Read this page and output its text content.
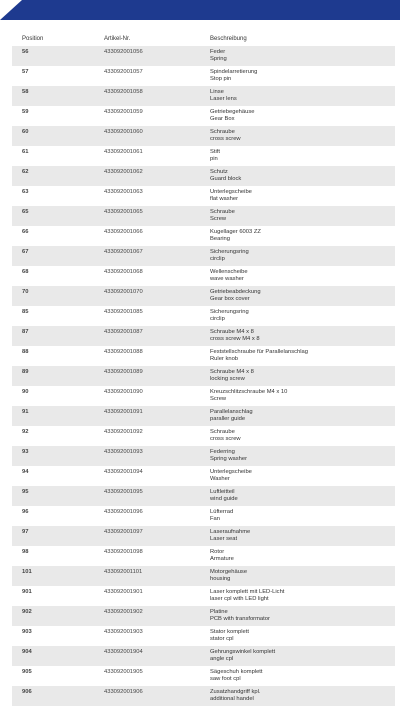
Position	Artikel-Nr.	Beschreibung
56	433092001056	Feder
Spring
57	433092001057	Spindelarretierung
Stop pin
58	433092001058	Linse
Laser lens
59	433092001059	Getriebegehäuse
Gear Box
60	433092001060	Schraube
cross screw
61	433092001061	Stift
pin
62	433092001062	Schutz
Guard block
63	433092001063	Unterlegscheibe
flat washer
65	433092001065	Schraube
Screw
66	433092001066	Kugellager 6003 ZZ
Bearing
67	433092001067	Sicherungsring
circlip
68	433092001068	Wellenscheibe
wave washer
70	433092001070	Getriebeabdeckung
Gear box cover
85	433092001085	Sicherungsring
circlip
87	433092001087	Schraube M4 x 8
cross screw M4 x 8
88	433092001088	Feststellschraube für Parallelanschlag
Ruler knob
89	433092001089	Schraube M4 x 8
locking screw
90	433092001090	Kreuzschlitzschraube M4 x 10
Screw
91	433092001091	Parallelanschlag
paraller guide
92	433092001092	Schraube
cross screw
93	433092001093	Federring
Spring washer
94	433092001094	Unterlegscheibe
Washer
95	433092001095	Luftleitteil
wind guide
96	433092001096	Lüfterrad
Fan
97	433092001097	Laseraufnahme
Laser seat
98	433092001098	Rotor
Armature
101	433092001101	Motorgehäuse
housing
901	433092001901	Laser komplett mit LED-Licht
laser cpl with LED light
902	433092001902	Platine
PCB with transformator
903	433092001903	Stator komplett
stator cpl
904	433092001904	Gehrungswinkel komplett
angle cpl
905	433092001905	Sägeschuh komplett
saw foot cpl
906	433092001906	Zusatzhandgriff kpl.
additional handel
